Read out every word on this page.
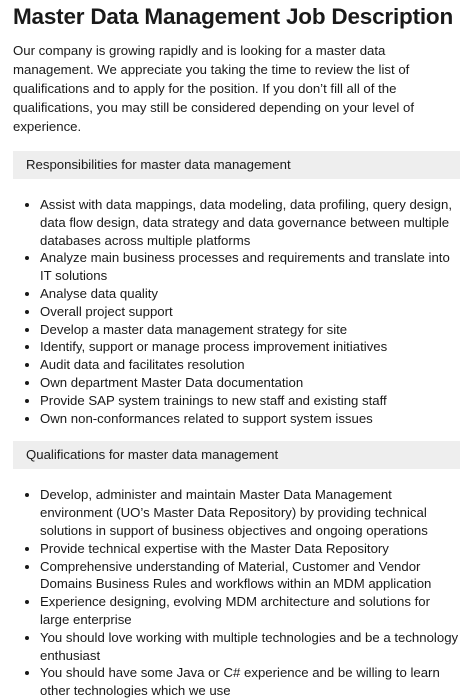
Master Data Management Job Description

Our company is growing rapidly and is looking for a master data management. We appreciate you taking the time to review the list of qualifications and to apply for the position. If you don’t fill all of the qualifications, you may still be considered depending on your level of experience.

Responsibilities for master data management
• Assist with data mappings, data modeling, data profiling, query design, data flow design, data strategy and data governance between multiple databases across multiple platforms
• Analyze main business processes and requirements and translate into IT solutions
• Analyse data quality
• Overall project support
• Develop a master data management strategy for site
• Identify, support or manage process improvement initiatives
• Audit data and facilitates resolution
• Own department Master Data documentation
• Provide SAP system trainings to new staff and existing staff
• Own non-conformances related to support system issues
Qualifications for master data management
• Develop, administer and maintain Master Data Management environment (UO’s Master Data Repository) by providing technical solutions in support of business objectives and ongoing operations
• Provide technical expertise with the Master Data Repository
• Comprehensive understanding of Material, Customer and Vendor Domains Business Rules and workflows within an MDM application
• Experience designing, evolving MDM architecture and solutions for large enterprise
• You should love working with multiple technologies and be a technology enthusiast
• You should have some Java or C# experience and be willing to learn other technologies which we use
